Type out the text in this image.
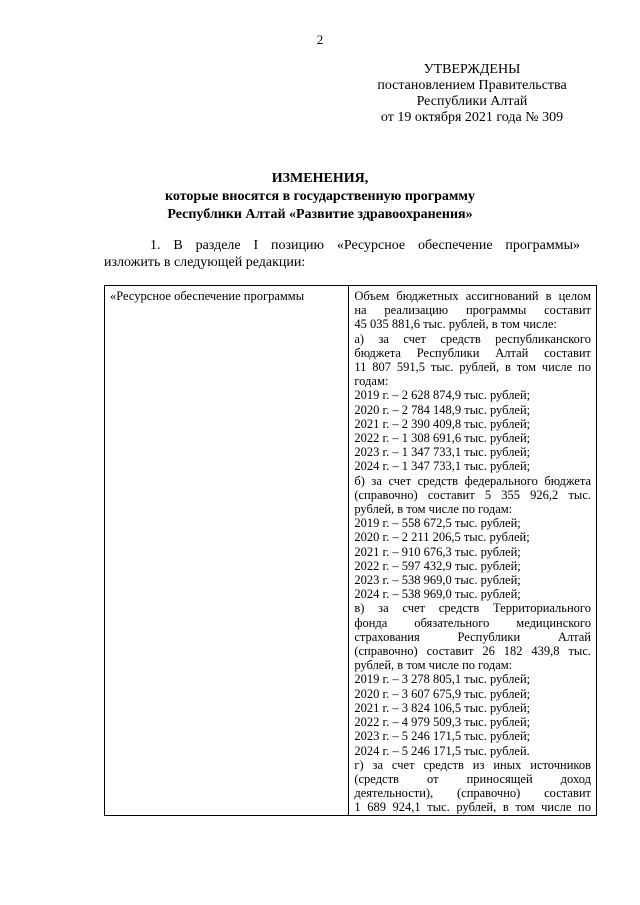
2
УТВЕРЖДЕНЫ
постановлением Правительства
Республики Алтай
от 19 октября 2021 года № 309
ИЗМЕНЕНИЯ,
которые вносятся в государственную программу
Республики Алтай «Развитие здравоохранения»
1. В разделе I позицию «Ресурсное обеспечение программы»
изложить в следующей редакции:
«Ресурсное обеспечение программы	Объем бюджетных ассигнований в целом
на реализацию программы составит
45 035 881,6 тыс. рублей, в том числе:
а) за счет средств республиканского
бюджета Республики Алтай составит
11 807 591,5 тыс. рублей, в том числе по
годам:
2019 г. – 2 628 874,9 тыс. рублей;
2020 г. – 2 784 148,9 тыс. рублей;
2021 г. – 2 390 409,8 тыс. рублей;
2022 г. – 1 308 691,6 тыс. рублей;
2023 г. – 1 347 733,1 тыс. рублей;
2024 г. – 1 347 733,1 тыс. рублей;
б) за счет средств федерального бюджета
(справочно) составит 5 355 926,2 тыс.
рублей, в том числе по годам:
2019 г. – 558 672,5 тыс. рублей;
2020 г. – 2 211 206,5 тыс. рублей;
2021 г. – 910 676,3 тыс. рублей;
2022 г. – 597 432,9 тыс. рублей;
2023 г. – 538 969,0 тыс. рублей;
2024 г. – 538 969,0 тыс. рублей;
в) за счет средств Территориального
фонда обязательного медицинского
страхования Республики Алтай
(справочно) составит 26 182 439,8 тыс.
рублей, в том числе по годам:
2019 г. – 3 278 805,1 тыс. рублей;
2020 г. – 3 607 675,9 тыс. рублей;
2021 г. – 3 824 106,5 тыс. рублей;
2022 г. – 4 979 509,3 тыс. рублей;
2023 г. – 5 246 171,5 тыс. рублей;
2024 г. – 5 246 171,5 тыс. рублей.
г) за счет средств из иных источников
(средств от приносящей доход
деятельности), (справочно) составит
1 689 924,1 тыс. рублей, в том числе по
